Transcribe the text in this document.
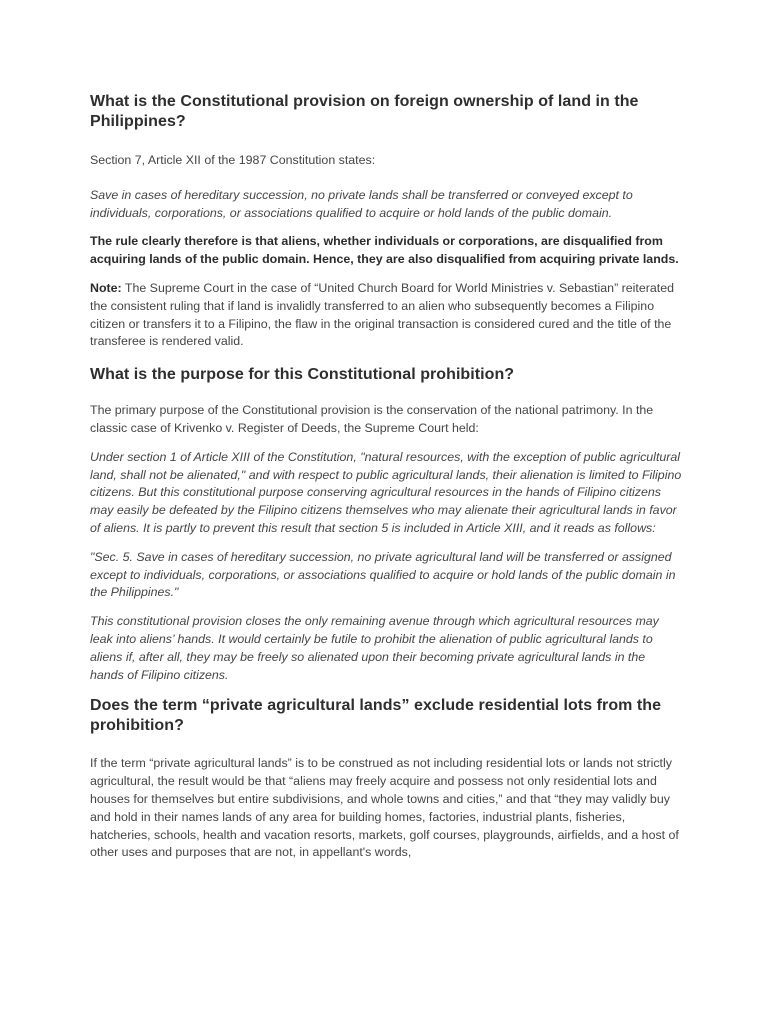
What is the Constitutional provision on foreign ownership of land in the Philippines?

Section 7, Article XII of the 1987 Constitution states:

Save in cases of hereditary succession, no private lands shall be transferred or conveyed except to individuals, corporations, or associations qualified to acquire or hold lands of the public domain.

The rule clearly therefore is that aliens, whether individuals or corporations, are disqualified from acquiring lands of the public domain. Hence, they are also disqualified from acquiring private lands.

Note: The Supreme Court in the case of “United Church Board for World Ministries v. Sebastian” reiterated the consistent ruling that if land is invalidly transferred to an alien who subsequently becomes a Filipino citizen or transfers it to a Filipino, the flaw in the original transaction is considered cured and the title of the transferee is rendered valid.

What is the purpose for this Constitutional prohibition?

The primary purpose of the Constitutional provision is the conservation of the national patrimony. In the classic case of Krivenko v. Register of Deeds, the Supreme Court held:

Under section 1 of Article XIII of the Constitution, "natural resources, with the exception of public agricultural land, shall not be alienated," and with respect to public agricultural lands, their alienation is limited to Filipino citizens. But this constitutional purpose conserving agricultural resources in the hands of Filipino citizens may easily be defeated by the Filipino citizens themselves who may alienate their agricultural lands in favor of aliens. It is partly to prevent this result that section 5 is included in Article XIII, and it reads as follows:

"Sec. 5. Save in cases of hereditary succession, no private agricultural land will be transferred or assigned except to individuals, corporations, or associations qualified to acquire or hold lands of the public domain in the Philippines."

This constitutional provision closes the only remaining avenue through which agricultural resources may leak into aliens’ hands. It would certainly be futile to prohibit the alienation of public agricultural lands to aliens if, after all, they may be freely so alienated upon their becoming private agricultural lands in the hands of Filipino citizens.

Does the term “private agricultural lands” exclude residential lots from the prohibition?

If the term “private agricultural lands” is to be construed as not including residential lots or lands not strictly agricultural, the result would be that “aliens may freely acquire and possess not only residential lots and houses for themselves but entire subdivisions, and whole towns and cities,” and that “they may validly buy and hold in their names lands of any area for building homes, factories, industrial plants, fisheries, hatcheries, schools, health and vacation resorts, markets, golf courses, playgrounds, airfields, and a host of other uses and purposes that are not, in appellant's words,
